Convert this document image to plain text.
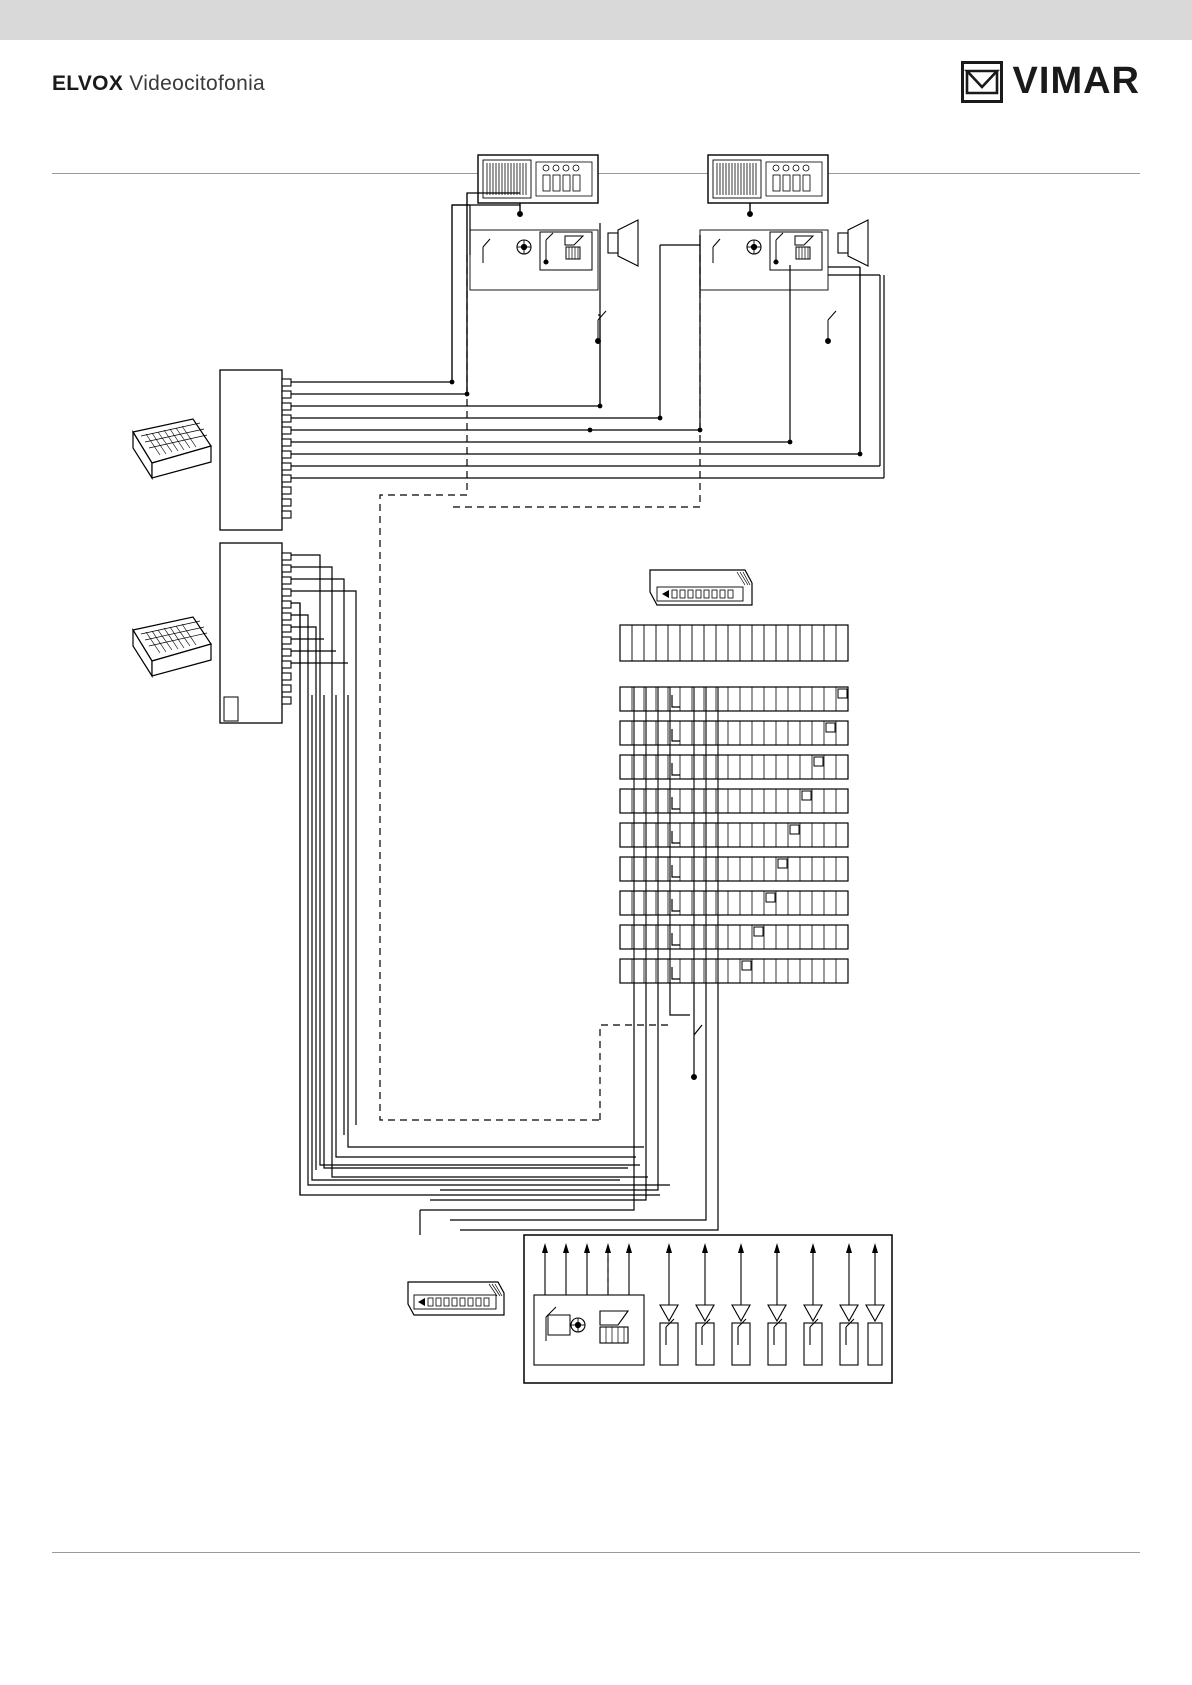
ELVOX Videocitofonia	VIMAR
